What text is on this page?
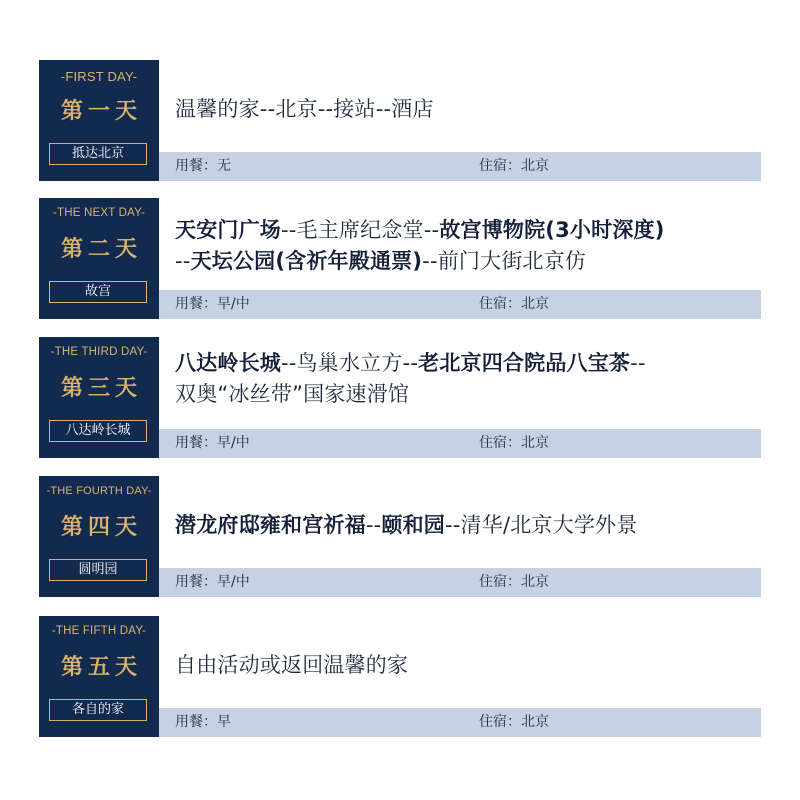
-FIRST DAY-
第一天
抵达北京
温馨的家--北京--接站--酒店
用餐：无	住宿：北京
-THE NEXT DAY-
第二天
故宫
天安门广场--毛主席纪念堂--故宫博物院(3小时深度)
--天坛公园(含祈年殿通票)--前门大街北京仿
用餐：早/中	住宿：北京
-THE THIRD DAY-
第三天
八达岭长城
八达岭长城--鸟巢水立方--老北京四合院品八宝茶--
双奥“冰丝带”国家速滑馆
用餐：早/中	住宿：北京
-THE FOURTH DAY-
第四天
圆明园
潜龙府邸雍和宫祈福--颐和园--清华/北京大学外景
用餐：早/中	住宿：北京
-THE FIFTH DAY-
第五天
各自的家
自由活动或返回温馨的家
用餐：早	住宿：北京
